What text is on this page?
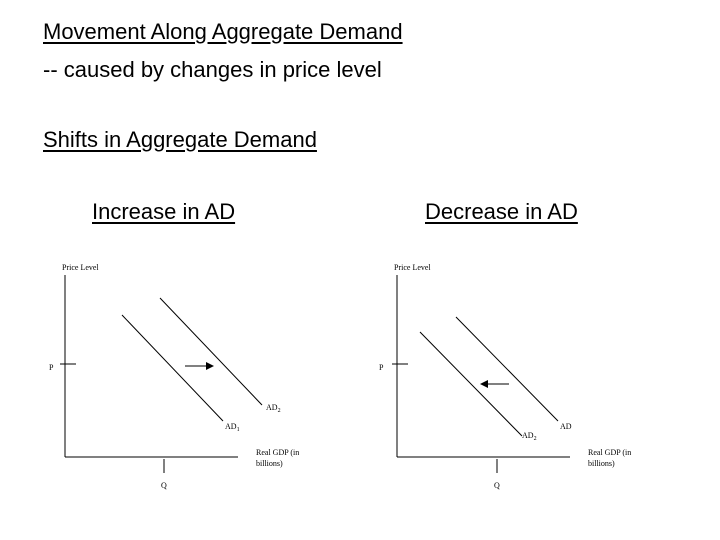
Movement Along Aggregate Demand
-- caused by changes in price level
Shifts in Aggregate Demand
Increase in AD	Decrease in AD
Price Level
P
Q
$AD_1$
$AD_2$
Real GDP (in
billions)
Price Level
P
Q
$AD_2$
AD
Real GDP (in
billions)
